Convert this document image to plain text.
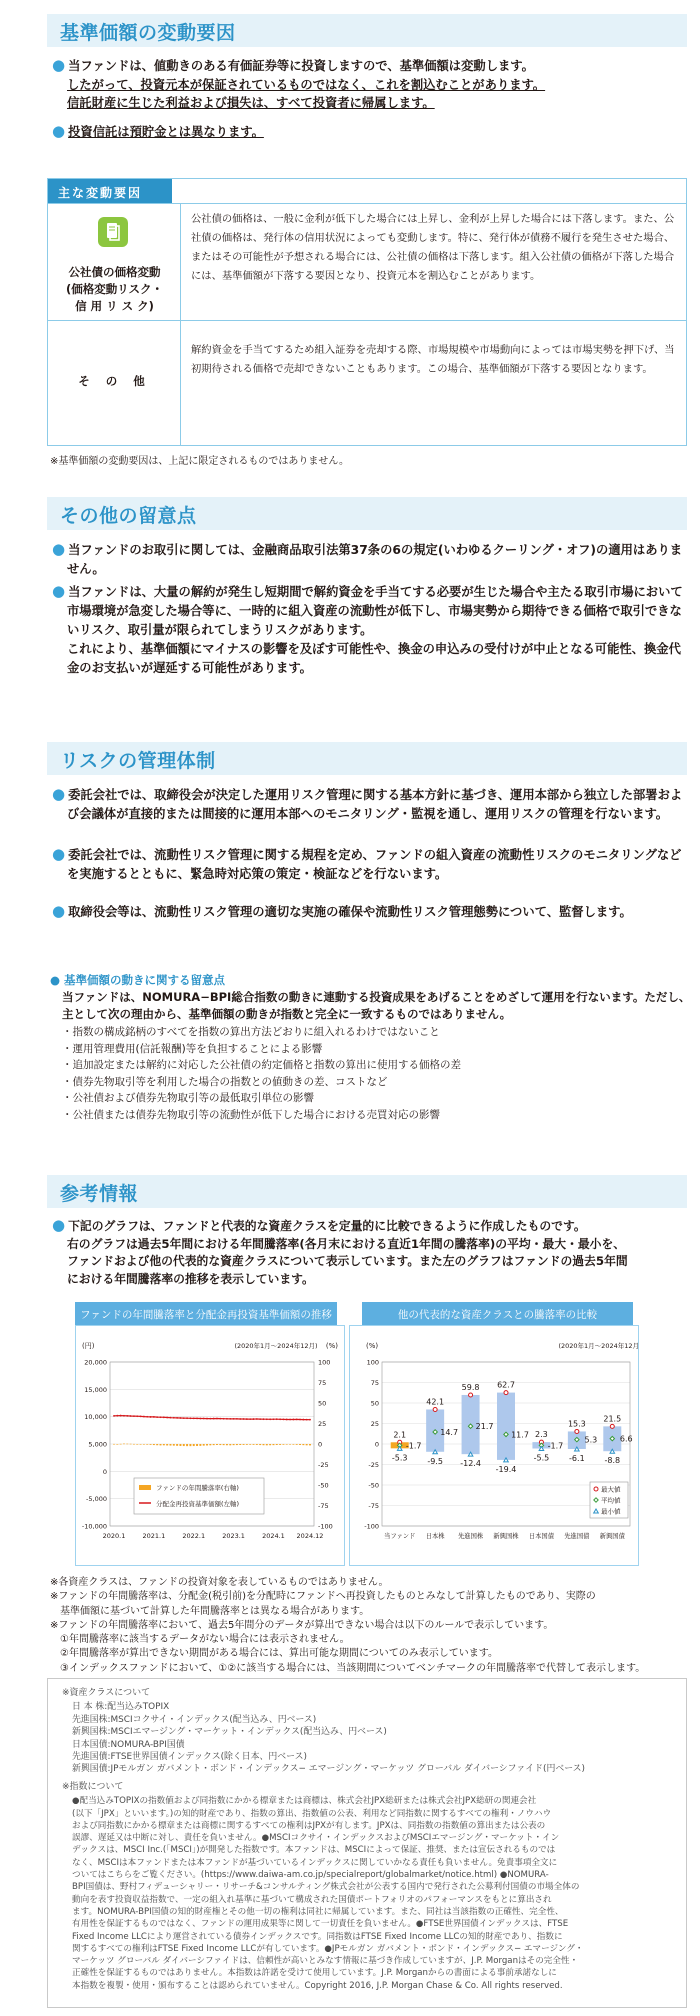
基準価額の変動要因
● 当ファンドは、値動きのある有価証券等に投資しますので、基準価額は変動します。
したがって、投資元本が保証されているものではなく、これを割込むことがあります。
信託財産に生じた利益および損失は、すべて投資者に帰属します。
● 投資信託は預貯金とは異なります。
主な変動要因
公社債の価格変動
(価格変動リスク・
信 用 リ ス ク)
公社債の価格は、一般に金利が低下した場合には上昇し、金利が上昇した場合には下落します。また、公社債の価格は、発行体の信用状況によっても変動します。特に、発行体が債務不履行を発生させた場合、またはその可能性が予想される場合には、公社債の価格は下落します。組入公社債の価格が下落した場合には、基準価額が下落する要因となり、投資元本を割込むことがあります。
そ の 他
解約資金を手当てするため組入証券を売却する際、市場規模や市場動向によっては市場実勢を押下げ、当初期待される価格で売却できないこともあります。この場合、基準価額が下落する要因となります。
※基準価額の変動要因は、上記に限定されるものではありません。
その他の留意点
● 当ファンドのお取引に関しては、金融商品取引法第37条の6の規定(いわゆるクーリング・オフ)の適用はありません。
● 当ファンドは、大量の解約が発生し短期間で解約資金を手当てする必要が生じた場合や主たる取引市場において市場環境が急変した場合等に、一時的に組入資産の流動性が低下し、市場実勢から期待できる価格で取引できないリスク、取引量が限られてしまうリスクがあります。
これにより、基準価額にマイナスの影響を及ぼす可能性や、換金の申込みの受付けが中止となる可能性、換金代金のお支払いが遅延する可能性があります。
リスクの管理体制
● 委託会社では、取締役会が決定した運用リスク管理に関する基本方針に基づき、運用本部から独立した部署および会議体が直接的または間接的に運用本部へのモニタリング・監視を通し、運用リスクの管理を行ないます。
● 委託会社では、流動性リスク管理に関する規程を定め、ファンドの組入資産の流動性リスクのモニタリングなどを実施するとともに、緊急時対応策の策定・検証などを行ないます。
● 取締役会等は、流動性リスク管理の適切な実施の確保や流動性リスク管理態勢について、監督します。
● 基準価額の動きに関する留意点
当ファンドは、NOMURA−BPI総合指数の動きに連動する投資成果をあげることをめざして運用を行ないます。ただし、主として次の理由から、基準価額の動きが指数と完全に一致するものではありません。
・指数の構成銘柄のすべてを指数の算出方法どおりに組入れるわけではないこと
・運用管理費用(信託報酬)等を負担することによる影響
・追加設定または解約に対応した公社債の約定価格と指数の算出に使用する価格の差
・債券先物取引等を利用した場合の指数との値動きの差、コストなど
・公社債および債券先物取引等の最低取引単位の影響
・公社債または債券先物取引等の流動性が低下した場合における売買対応の影響
参考情報
● 下記のグラフは、ファンドと代表的な資産クラスを定量的に比較できるように作成したものです。
右のグラフは過去5年間における年間騰落率(各月末における直近1年間の騰落率)の平均・最大・最小を、
ファンドおよび他の代表的な資産クラスについて表示しています。また左のグラフはファンドの過去5年間
における年間騰落率の推移を表示しています。
ファンドの年間騰落率と分配金再投資基準価額の推移
(円)	(%)
(2020年1月〜2024年12月)
20,000
15,000
10,000
5,000
0
-5,000
-10,000
100
75
50
25
0
-25
-50
-75
-100
2020.1	2021.1	2022.1	2023.1	2024.1 2024.12
ファンドの年間騰落率(右軸)
分配金再投資基準価額(左軸)
他の代表的な資産クラスとの騰落率の比較
(%)	(2020年1月〜2024年12月)
100
75
50
25
0
-25
-50
-75
-100
2.1
-1.7
-5.3
当ファンド
42.1
14.7
-9.5
日本株
59.8
21.7
-12.4
先進国株
62.7
11.7
-19.4
新興国株
2.3
-1.7
-5.5
日本国債
15.3
5.3
-6.1
先進国債
21.5
6.6
-8.8
新興国債
最大値
平均値
最小値
※各資産クラスは、ファンドの投資対象を表しているものではありません。
※ファンドの年間騰落率は、分配金(税引前)を分配時にファンドへ再投資したものとみなして計算したものであり、実際の
基準価額に基づいて計算した年間騰落率とは異なる場合があります。
※ファンドの年間騰落率において、過去5年間分のデータが算出できない場合は以下のルールで表示しています。
①年間騰落率に該当するデータがない場合には表示されません。
②年間騰落率が算出できない期間がある場合には、算出可能な期間についてのみ表示しています。
③インデックスファンドにおいて、①②に該当する場合には、当該期間についてベンチマークの年間騰落率で代替して表示します。
※資産クラスについて
日 本 株:配当込みTOPIX
先進国株:MSCIコクサイ・インデックス(配当込み、円ベース)
新興国株:MSCIエマージング・マーケット・インデックス(配当込み、円ベース)
日本国債:NOMURA-BPI国債
先進国債:FTSE世界国債インデックス(除く日本、円ベース)
新興国債:JPモルガン ガバメント・ボンド・インデックス− エマージング・マーケッツ グローバル ダイバーシファイド(円ベース)
※指数について
●配当込みTOPIXの指数値および同指数にかかる標章または商標は、株式会社JPX総研または株式会社JPX総研の関連会社
(以下「JPX」といいます。)の知的財産であり、指数の算出、指数値の公表、利用など同指数に関するすべての権利・ノウハウ
および同指数にかかる標章または商標に関するすべての権利はJPXが有します。JPXは、同指数の指数値の算出または公表の
誤謬、遅延又は中断に対し、責任を負いません。●MSCIコクサイ・インデックスおよびMSCIエマージング・マーケット・イン
デックスは、MSCI Inc.(「MSCI」)が開発した指数です。本ファンドは、MSCIによって保証、推奨、または宣伝されるものでは
なく、MSCIは本ファンドまたは本ファンドが基づいているインデックスに関していかなる責任も負いません。免責事項全文に
ついてはこちらをご覧ください。(https://www.daiwa-am.co.jp/specialreport/globalmarket/notice.html) ●NOMURA-
BPI国債は、野村フィデューシャリー・リサーチ&コンサルティング株式会社が公表する国内で発行された公募利付国債の市場全体の
動向を表す投資収益指数で、一定の組入れ基準に基づいて構成された国債ポートフォリオのパフォーマンスをもとに算出され
ます。NOMURA-BPI国債の知的財産権とその他一切の権利は同社に帰属しています。また、同社は当該指数の正確性、完全性、
有用性を保証するものではなく、ファンドの運用成果等に関して一切責任を負いません。●FTSE世界国債インデックスは、FTSE
Fixed Income LLCにより運営されている債券インデックスです。同指数はFTSE Fixed Income LLCの知的財産であり、指数に
関するすべての権利はFTSE Fixed Income LLCが有しています。●JPモルガン ガバメント・ボンド・インデックス− エマージング・
マーケッツ グローバル ダイバーシファイドは、信頼性が高いとみなす情報に基づき作成していますが、J.P. Morganはその完全性・
正確性を保証するものではありません。本指数は許諾を受けて使用しています。J.P. Morganからの書面による事前承諾なしに
本指数を複製・使用・頒布することは認められていません。Copyright 2016, J.P. Morgan Chase & Co. All rights reserved.
